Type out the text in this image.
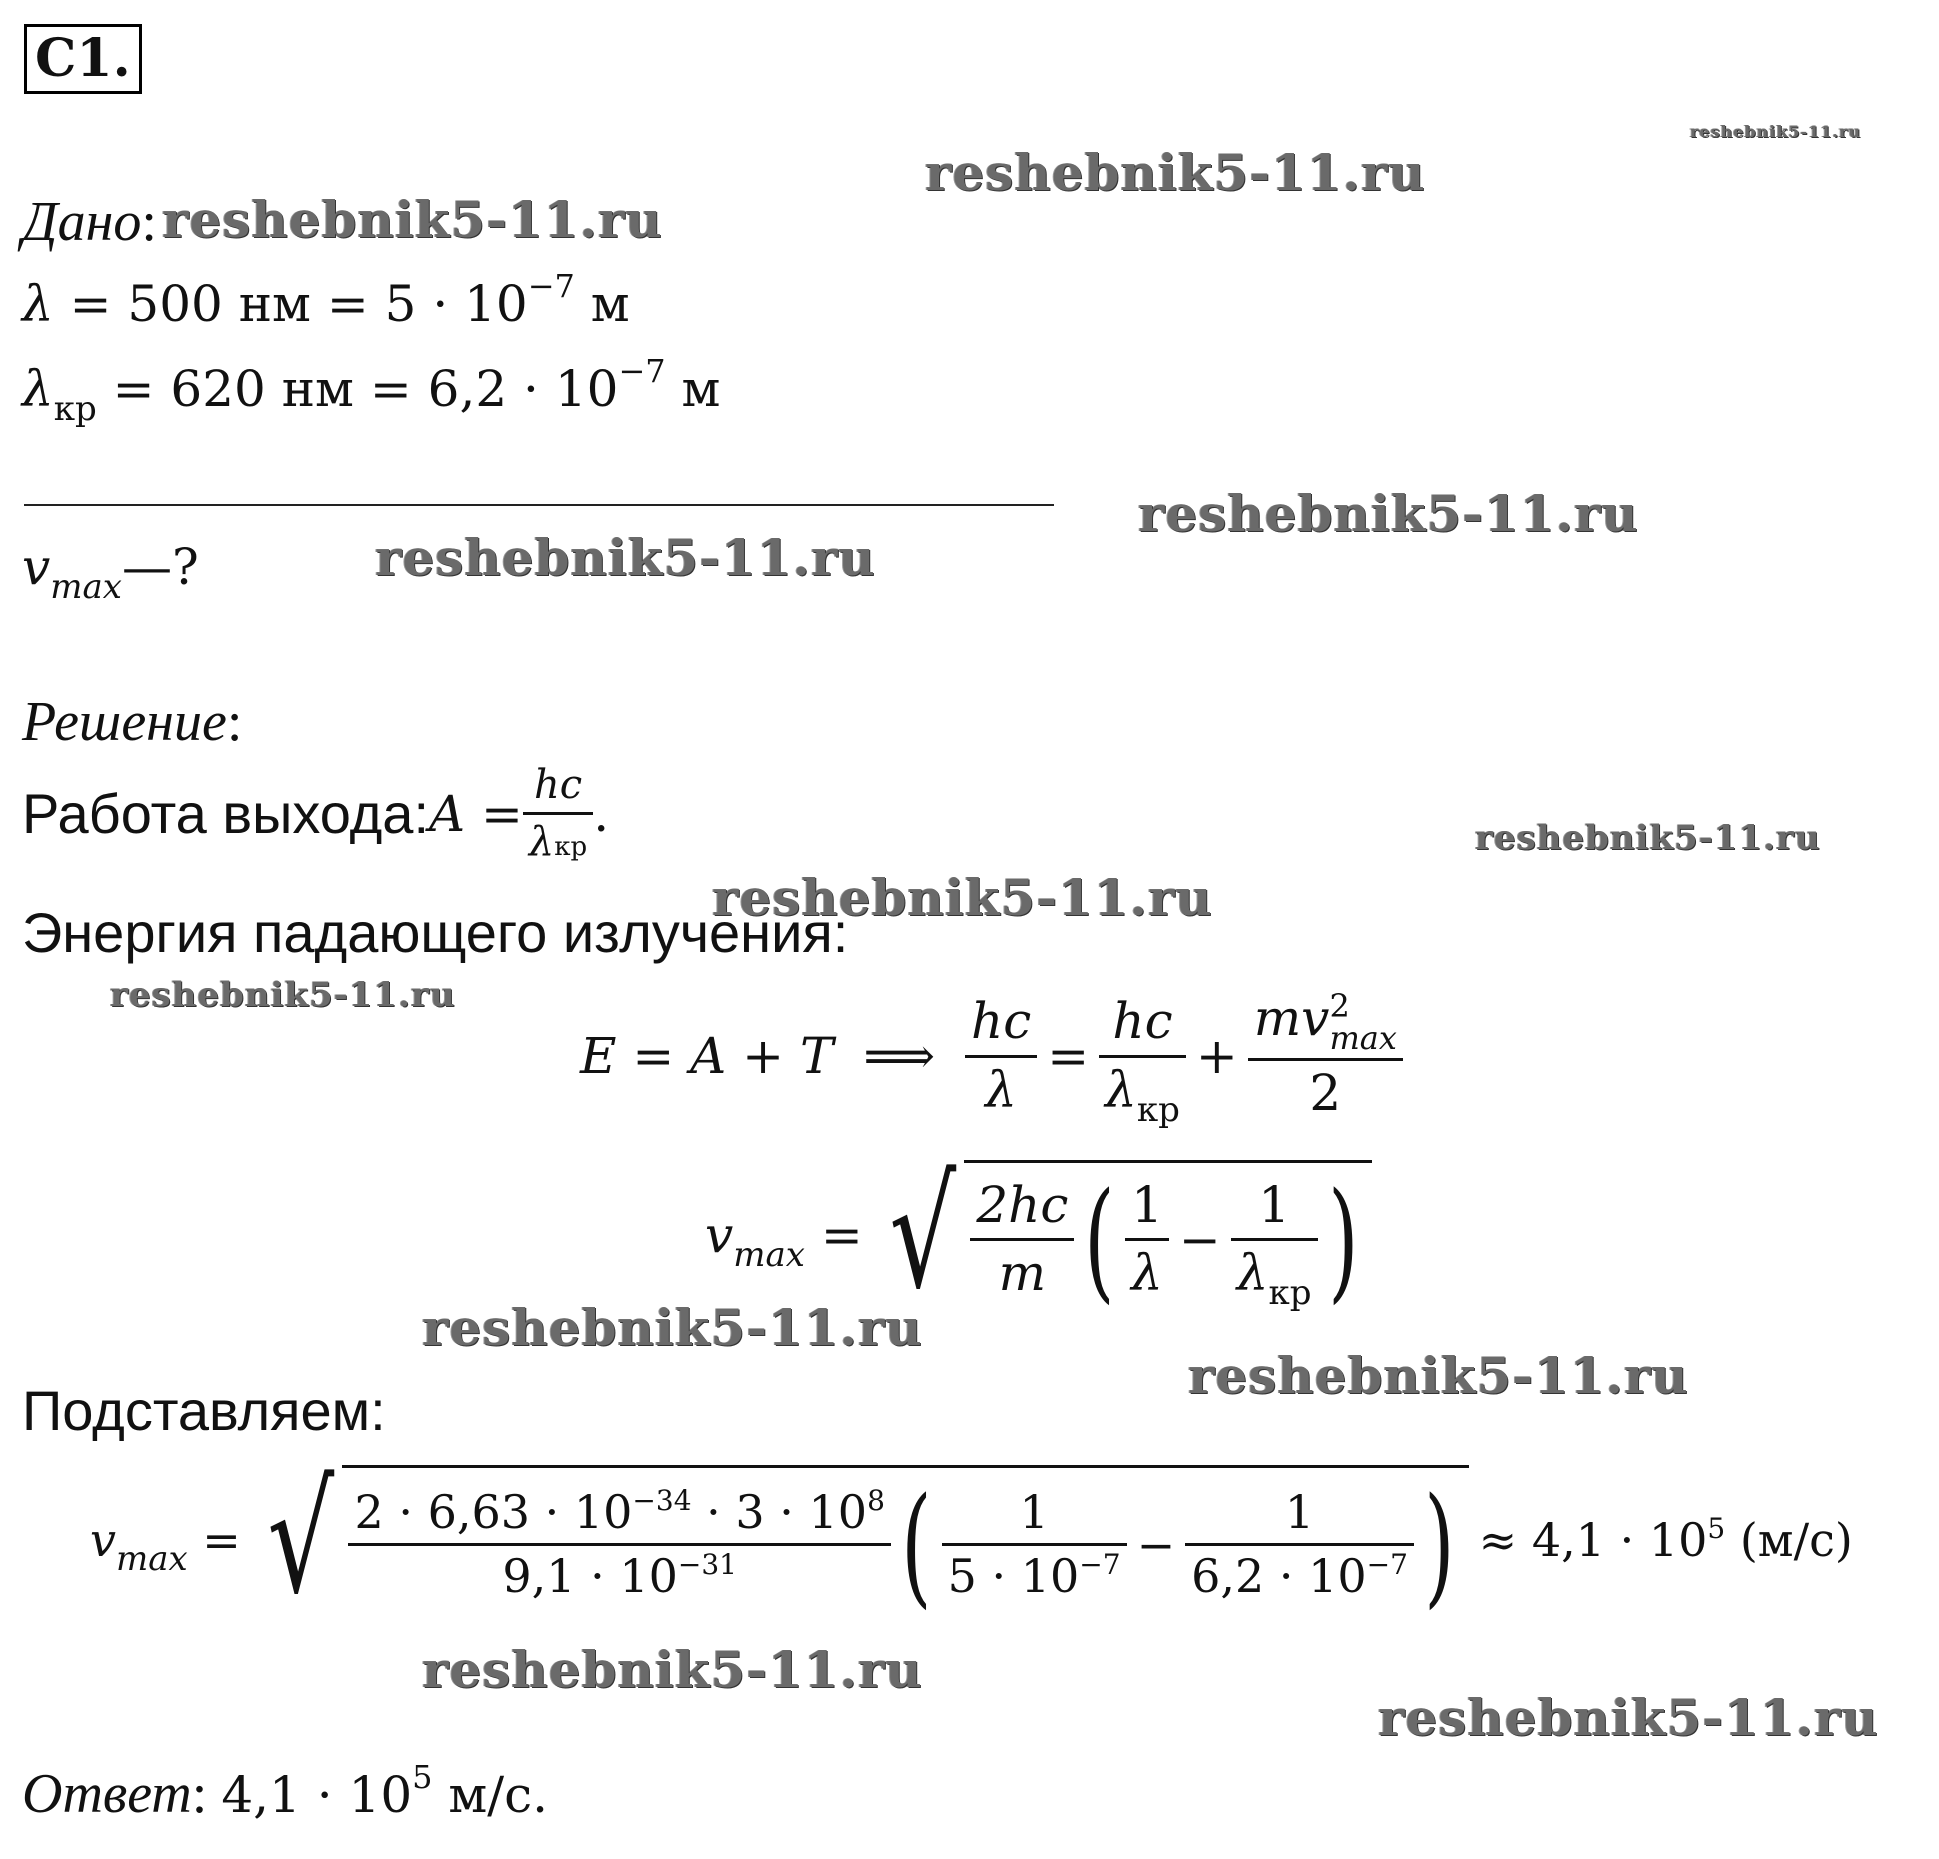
С1.
Дано:
λ = 500 нм = $5 \cdot 10^{-7}$ м
$\lambda_{кр} = 620$ нм = $6,2 \cdot 10^{-7}$ м
$v_{max}—$?
Решение:
Работа выхода: $A = \frac{hc}{\text{λкр}}$ .
Энергия падающего излучения:
E = A + T ⟹ $\frac{hc}{\lambda} = \frac{hc}{\lambda_{кр}}$ + mv 2
max
2
$v_{max}$ = √ $\frac{2hc}{m}$ ( $\frac{1}{\lambda} - \frac{1}{\lambda_{кр}}$ )
Подставляем:
$v_{max}$ = √ $\frac{2 \cdot 6,63 \cdot 10^{-34} \cdot 3 \cdot 10^8}{9,1 \cdot 10^{-31}}$ ( $\frac{1}{5 \cdot 10^{-7}} - \frac{1}{6,2 \cdot 10^{-7}}$ ) ≈ $4,1 \cdot 10^5$ (м/с)
Ответ: $4,1 \cdot 10^5$ м/с.
reshebnik5-11.ru
reshebnik5-11.ru
reshebnik5-11.ru
reshebnik5-11.ru
reshebnik5-11.ru
reshebnik5-11.ru
reshebnik5-11.ru
reshebnik5-11.ru
reshebnik5-11.ru
reshebnik5-11.ru
reshebnik5-11.ru
reshebnik5-11.ru
